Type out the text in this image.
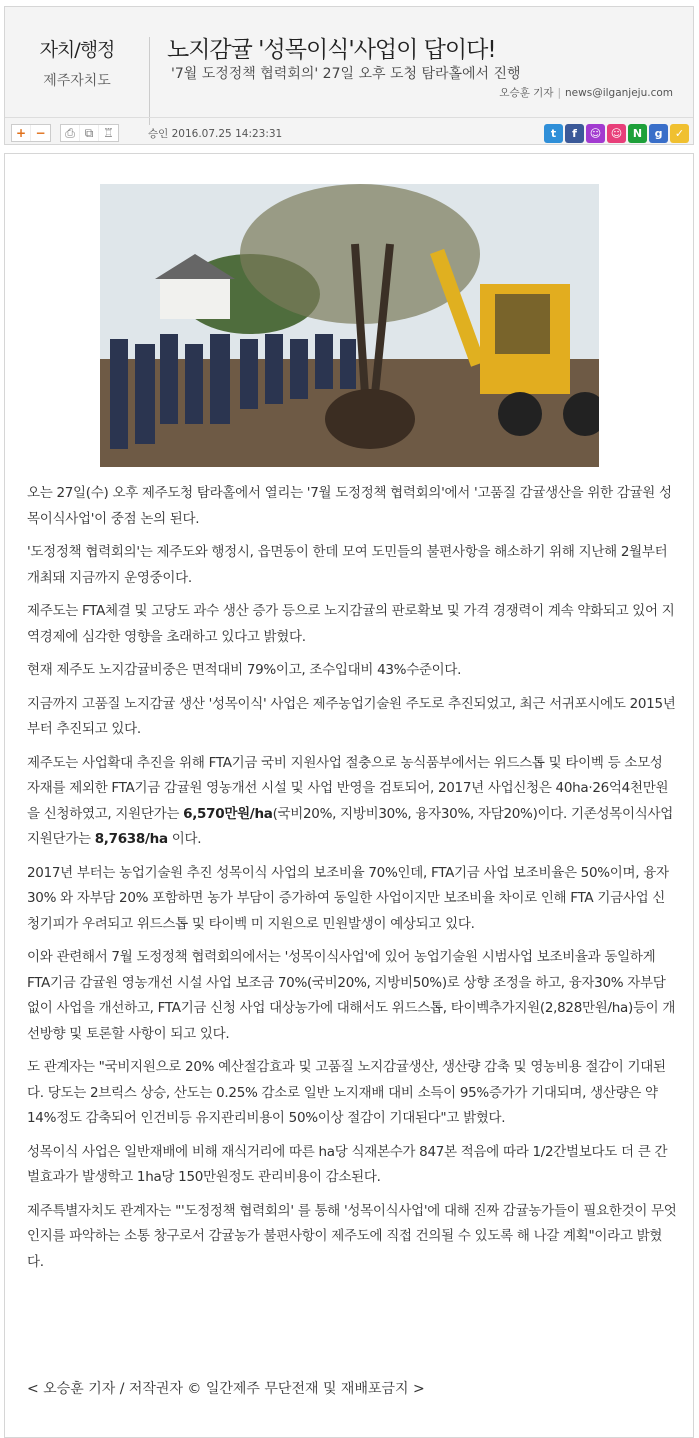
자치/행정
제주자치도
노지감귤 '성목이식'사업이 답이다!
'7월 도정정책 협력회의' 27일 오후 도청 탐라홀에서 진행
오승훈 기자 | news@ilganjeju.com
+ −	⎙ ⧉ ♖	승인 2016.07.25 14:23:31	t	f	☺ ☺ N	g	✓

오는 27일(수) 오후 제주도청 탐라홀에서 열리는 '7월 도정정책 협력회의'에서 '고품질 감귤생산을 위한 감귤원 성목이식사업'이 중점 논의 된다.

'도정정책 협력회의'는 제주도와 행정시, 읍면동이 한데 모여 도민들의 불편사항을 해소하기 위해 지난해 2월부터 개최돼 지금까지 운영중이다.

제주도는 FTA체결 및 고당도 과수 생산 증가 등으로 노지감귤의 판로확보 및 가격 경쟁력이 계속 약화되고 있어 지역경제에 심각한 영향을 초래하고 있다고 밝혔다.

현재 제주도 노지감귤비중은 면적대비 79%이고, 조수입대비 43%수준이다.

지금까지 고품질 노지감귤 생산 '성목이식' 사업은 제주농업기술원 주도로 추진되었고, 최근 서귀포시에도 2015년부터 추진되고 있다.

제주도는 사업확대 추진을 위해 FTA기금 국비 지원사업 절충으로 농식품부에서는 위드스톱 및 타이벡 등 소모성 자재를 제외한 FTA기금 감귤원 영농개선 시설 및 사업 반영을 검토되어, 2017년 사업신청은 40ha·26억4천만원을 신청하였고, 지원단가는 6,570만원/ha(국비20%, 지방비30%, 융자30%, 자담20%)이다. 기존성목이식사업 지원단가는 8,7638/ha 이다.

2017년 부터는 농업기술원 추진 성목이식 사업의 보조비율 70%인데, FTA기금 사업 보조비율은 50%이며, 융자 30% 와 자부담 20% 포함하면 농가 부담이 증가하여 동일한 사업이지만 보조비율 차이로 인해 FTA 기금사업 신청기피가 우려되고 위드스톱 및 타이벡 미 지원으로 민원발생이 예상되고 있다.

이와 관련해서 7월 도정정책 협력회의에서는 '성목이식사업'에 있어 농업기술원 시범사업 보조비율과 동일하게 FTA기금 감귤원 영농개선 시설 사업 보조금 70%(국비20%, 지방비50%)로 상향 조정을 하고, 융자30% 자부담 없이 사업을 개선하고, FTA기금 신청 사업 대상농가에 대해서도 위드스톱, 타이벡추가지원(2,828만원/ha)등이 개선방향 및 토론할 사항이 되고 있다.

도 관계자는 "국비지원으로 20% 예산절감효과 및 고품질 노지감귤생산, 생산량 감축 및 영농비용 절감이 기대된다. 당도는 2브릭스 상승, 산도는 0.25% 감소로 일반 노지재배 대비 소득이 95%증가가 기대되며, 생산량은 약14%정도 감축되어 인건비등 유지관리비용이 50%이상 절감이 기대된다"고 밝혔다.

성목이식 사업은 일반재배에 비해 재식거리에 따른 ha당 식재본수가 847본 적음에 따라 1/2간벌보다도 더 큰 간벌효과가 발생학고 1ha당 150만원정도 관리비용이 감소된다.

제주특별자치도 관계자는 "'도정정책 협력회의' 를 통해 '성목이식사업'에 대해 진짜 감귤농가들이 필요한것이 무엇 인지를 파악하는 소통 창구로서 감귤농가 불편사항이 제주도에 직접 건의될 수 있도록 해 나갈 계획"이라고 밝혔다.

< 오승훈 기자 / 저작권자 © 일간제주 무단전재 및 재배포금지 >
